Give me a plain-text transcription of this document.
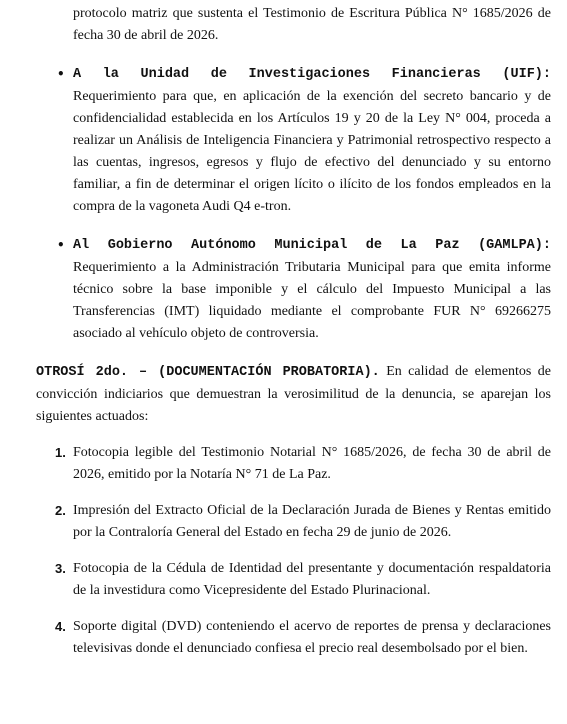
protocolo matriz que sustenta el Testimonio de Escritura Pública N° 1685/2026 de fecha 30 de abril de 2026.

• A la Unidad de Investigaciones Financieras (UIF): Requerimiento para que, en aplicación de la exención del secreto bancario y de confidencialidad establecida en los Artículos 19 y 20 de la Ley N° 004, proceda a realizar un Análisis de Inteligencia Financiera y Patrimonial retrospectivo respecto a las cuentas, ingresos, egresos y flujo de efectivo del denunciado y su entorno familiar, a fin de determinar el origen lícito o ilícito de los fondos empleados en la compra de la vagoneta Audi Q4 e-tron.

• Al Gobierno Autónomo Municipal de La Paz (GAMLPA): Requerimiento a la Administración Tributaria Municipal para que emita informe técnico sobre la base imponible y el cálculo del Impuesto Municipal a las Transferencias (IMT) liquidado mediante el comprobante FUR N° 69266275 asociado al vehículo objeto de controversia.

OTROSÍ 2do. – (DOCUMENTACIÓN PROBATORIA). En calidad de elementos de convicción indiciarios que demuestran la verosimilitud de la denuncia, se aparejan los siguientes actuados:

1. Fotocopia legible del Testimonio Notarial N° 1685/2026, de fecha 30 de abril de 2026, emitido por la Notaría N° 71 de La Paz.

2. Impresión del Extracto Oficial de la Declaración Jurada de Bienes y Rentas emitido por la Contraloría General del Estado en fecha 29 de junio de 2026.

3. Fotocopia de la Cédula de Identidad del presentante y documentación respaldatoria de la investidura como Vicepresidente del Estado Plurinacional.

4. Soporte digital (DVD) conteniendo el acervo de reportes de prensa y declaraciones televisivas donde el denunciado confiesa el precio real desembolsado por el bien.
